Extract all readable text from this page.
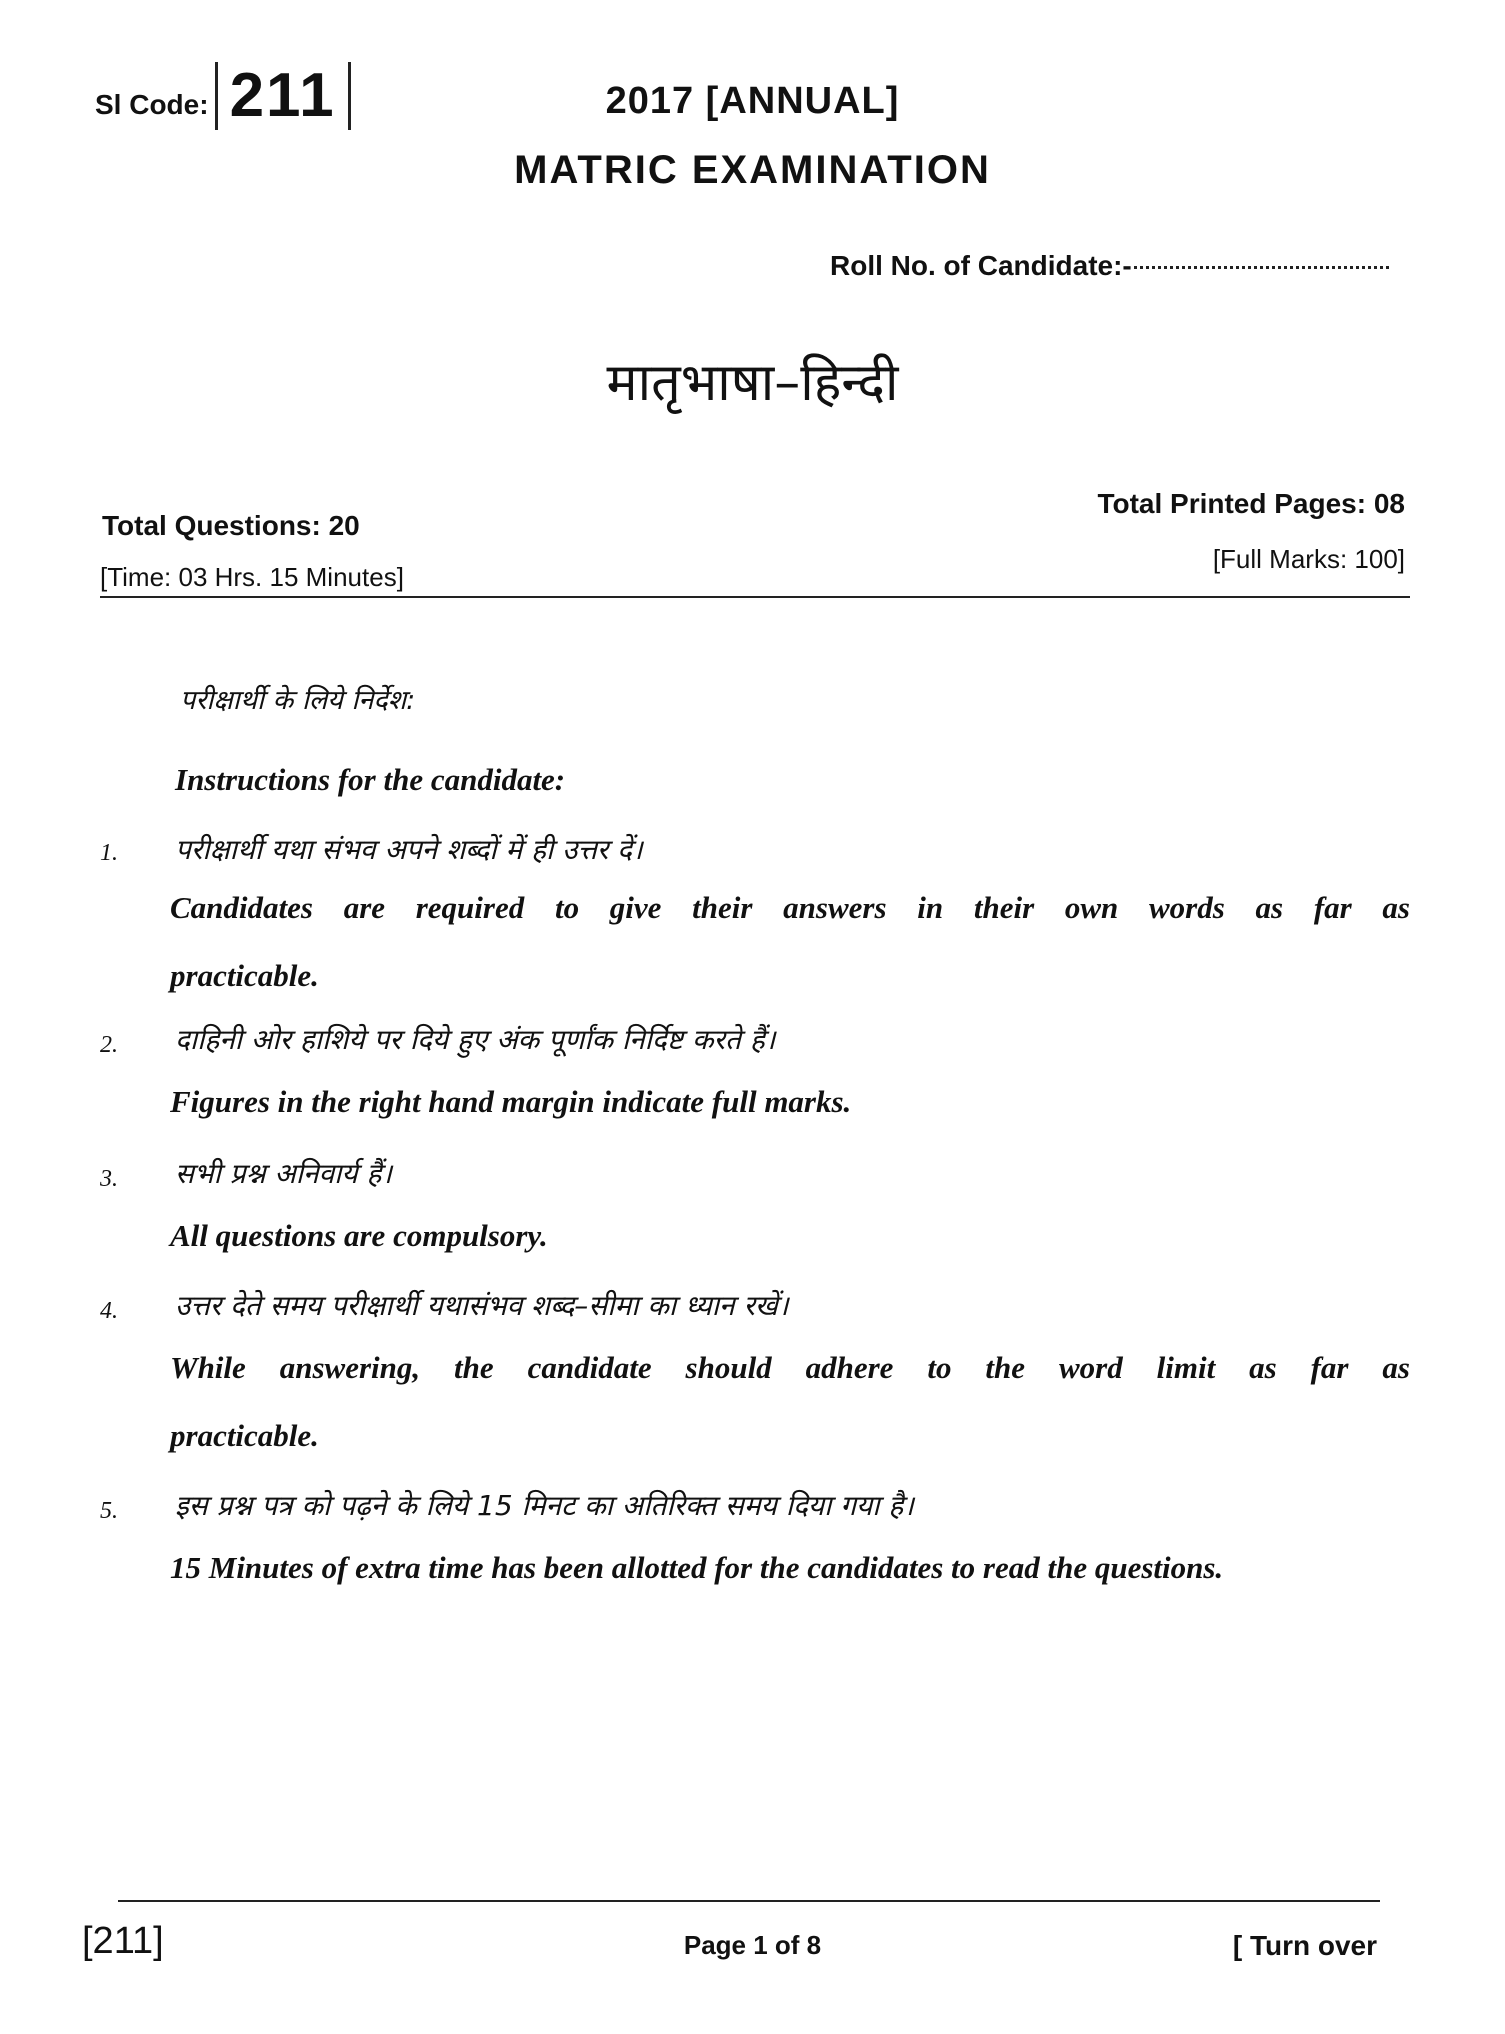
Sl Code: 211	2017 [ANNUAL]
MATRIC EXAMINATION
Roll No. of Candidate:-
मातृभाषा–हिन्दी
Total Questions: 20
[Time: 03 Hrs. 15 Minutes]
Total Printed Pages: 08
[Full Marks: 100]
परीक्षार्थी के लिये निर्देश:
Instructions for the candidate:
1. परीक्षार्थी यथा संभव अपने शब्दों में ही उत्तर दें।
Candidates are required to give their answers in their own words as far as
practicable.
2. दाहिनी ओर हाशिये पर दिये हुए अंक पूर्णांक निर्दिष्ट करते हैं।
Figures in the right hand margin indicate full marks.
3. सभी प्रश्न अनिवार्य हैं।
All questions are compulsory.
4. उत्तर देते समय परीक्षार्थी यथासंभव शब्द–सीमा का ध्यान रखें।
While answering, the candidate should adhere to the word limit as far as
practicable.
5. इस प्रश्न पत्र को पढ़ने के लिये 15 मिनट का अतिरिक्त समय दिया गया है।
15 Minutes of extra time has been allotted for the candidates to read the questions.
[211]	Page 1 of 8	[ Turn over
